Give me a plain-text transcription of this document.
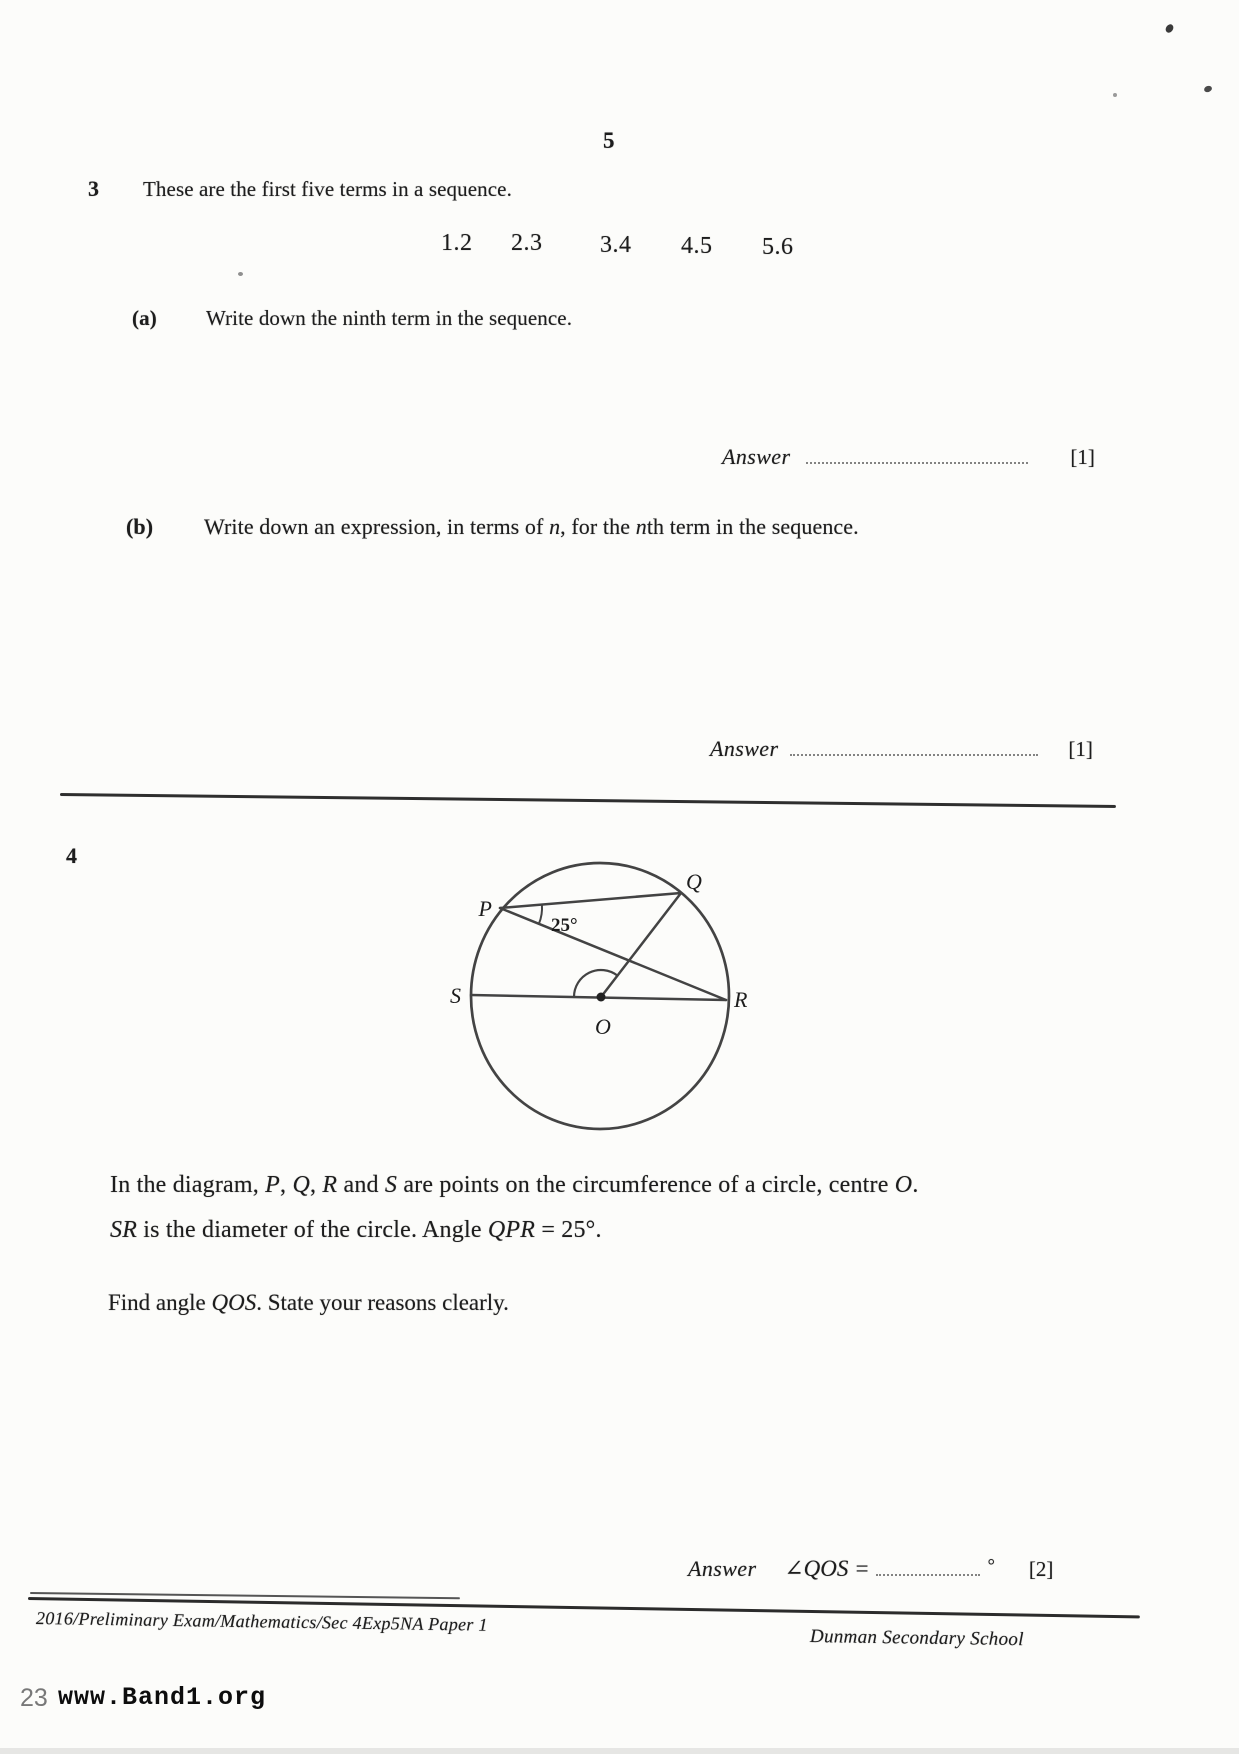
5
3 These are the first five terms in a sequence.
1.2 2.3 3.4 4.5 5.6
(a) Write down the ninth term in the sequence.
Answer	[1]
(b) Write down an expression, in terms of n, for the nth term in the sequence.
Answer	[1]
4
P
Q
S	R
O
25°
In the diagram, P, Q, R and S are points on the circumference of a circle, centre O.
SR is the diameter of the circle. Angle QPR = 25°.
Find angle QOS. State your reasons clearly.
Answer ∠QOS =	° [2]
2016/Preliminary Exam/Mathematics/Sec 4Exp5NA Paper 1
Dunman Secondary School
23 www.Band1.org
